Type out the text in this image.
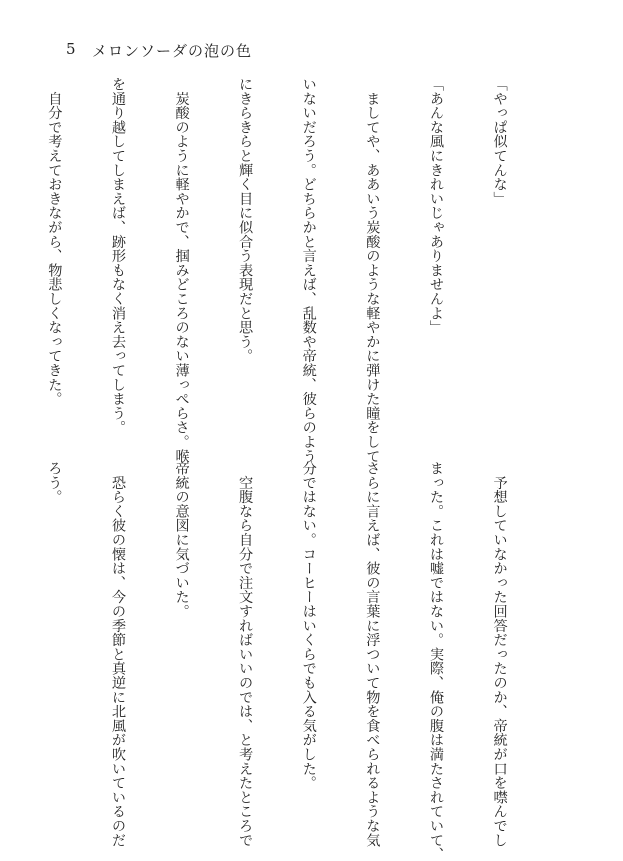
5 メロンソーダの泡の色

「やっぱ似てんな」

「あんな風にきれいじゃありませんよ」

　ましてや、ああいう炭酸のような軽やかに弾けた瞳をして

いないだろう。どちらかと言えば、乱数や帝統、彼らのよう

にきらきらと輝く目に似合う表現だと思う。

　炭酸のように軽やかで、掴みどころのない薄っぺらさ。喉

を通り越してしまえば、跡形もなく消え去ってしまう。

　自分で考えておきながら、物悲しくなってきた。

　予想していなかった回答だったのか、帝統が口を噤んでし

まった。これは嘘ではない。実際、俺の腹は満たされていて、

さらに言えば、彼の言葉に浮ついて物を食べられるような気

分ではない。コーヒーはいくらでも入る気がした。

　空腹なら自分で注文すればいいのでは、と考えたところで

帝統の意図に気づいた。

　恐らく彼の懐は、今の季節と真逆に北風が吹いているのだ

ろう。
